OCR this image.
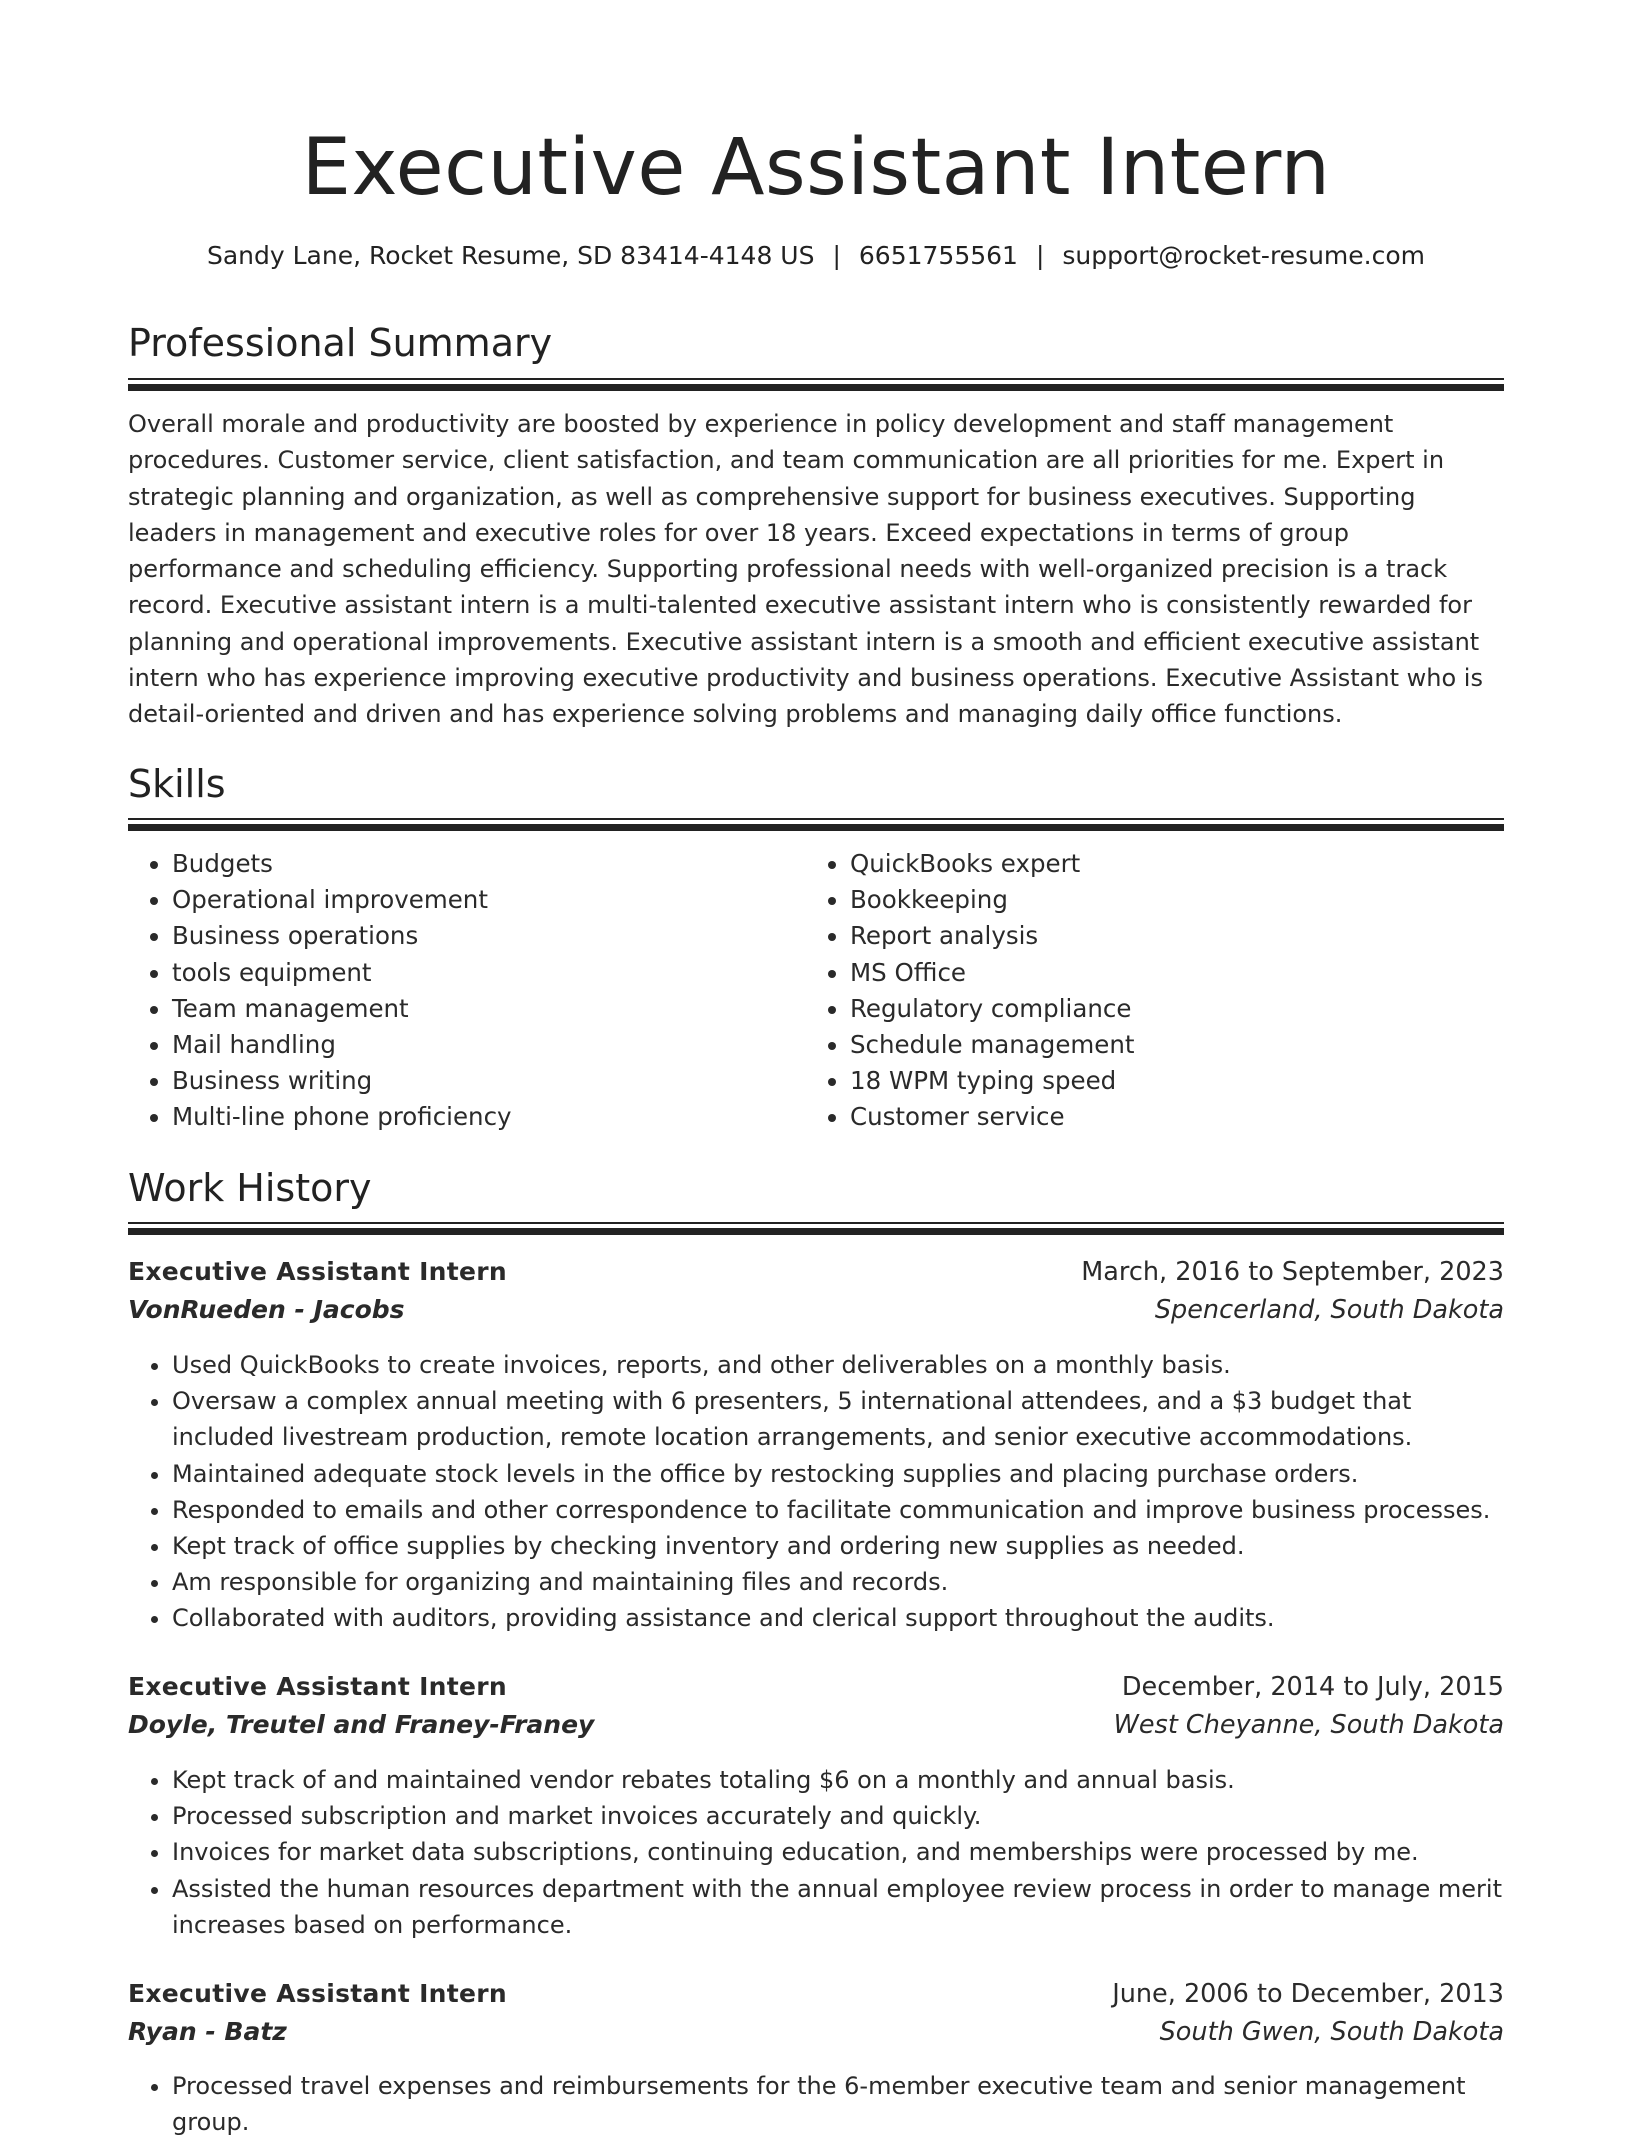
Executive Assistant Intern
Sandy Lane, Rocket Resume, SD 83414-4148 US | 6651755561 | support@rocket-resume.com
Professional Summary

Overall morale and productivity are boosted by experience in policy development and staff management procedures. Customer service, client satisfaction, and team communication are all priorities for me. Expert in strategic planning and organization, as well as comprehensive support for business executives. Supporting leaders in management and executive roles for over 18 years. Exceed expectations in terms of group performance and scheduling efficiency. Supporting professional needs with well-organized precision is a track record. Executive assistant intern is a multi-talented executive assistant intern who is consistently rewarded for planning and operational improvements. Executive assistant intern is a smooth and efficient executive assistant intern who has experience improving executive productivity and business operations. Executive Assistant who is detail-oriented and driven and has experience solving problems and managing daily office functions.

Skills
• Budgets
• Operational improvement
• Business operations
• tools equipment
• Team management
• Mail handling
• Business writing
• Multi-line phone proficiency
• QuickBooks expert
• Bookkeeping
• Report analysis
• MS Office
• Regulatory compliance
• Schedule management
• 18 WPM typing speed
• Customer service
Work History
Executive Assistant Intern	March, 2016 to September, 2023
VonRueden - Jacobs	Spencerland, South Dakota
• Used QuickBooks to create invoices, reports, and other deliverables on a monthly basis.
• Oversaw a complex annual meeting with 6 presenters, 5 international attendees, and a $3 budget that included livestream production, remote location arrangements, and senior executive accommodations.
• Maintained adequate stock levels in the office by restocking supplies and placing purchase orders.
• Responded to emails and other correspondence to facilitate communication and improve business processes.
• Kept track of office supplies by checking inventory and ordering new supplies as needed.
• Am responsible for organizing and maintaining files and records.
• Collaborated with auditors, providing assistance and clerical support throughout the audits.
Executive Assistant Intern	December, 2014 to July, 2015
Doyle, Treutel and Franey-Franey	West Cheyanne, South Dakota
• Kept track of and maintained vendor rebates totaling $6 on a monthly and annual basis.
• Processed subscription and market invoices accurately and quickly.
• Invoices for market data subscriptions, continuing education, and memberships were processed by me.
• Assisted the human resources department with the annual employee review process in order to manage merit increases based on performance.
Executive Assistant Intern	June, 2006 to December, 2013
Ryan - Batz	South Gwen, South Dakota
• Processed travel expenses and reimbursements for the 6-member executive team and senior management group.
